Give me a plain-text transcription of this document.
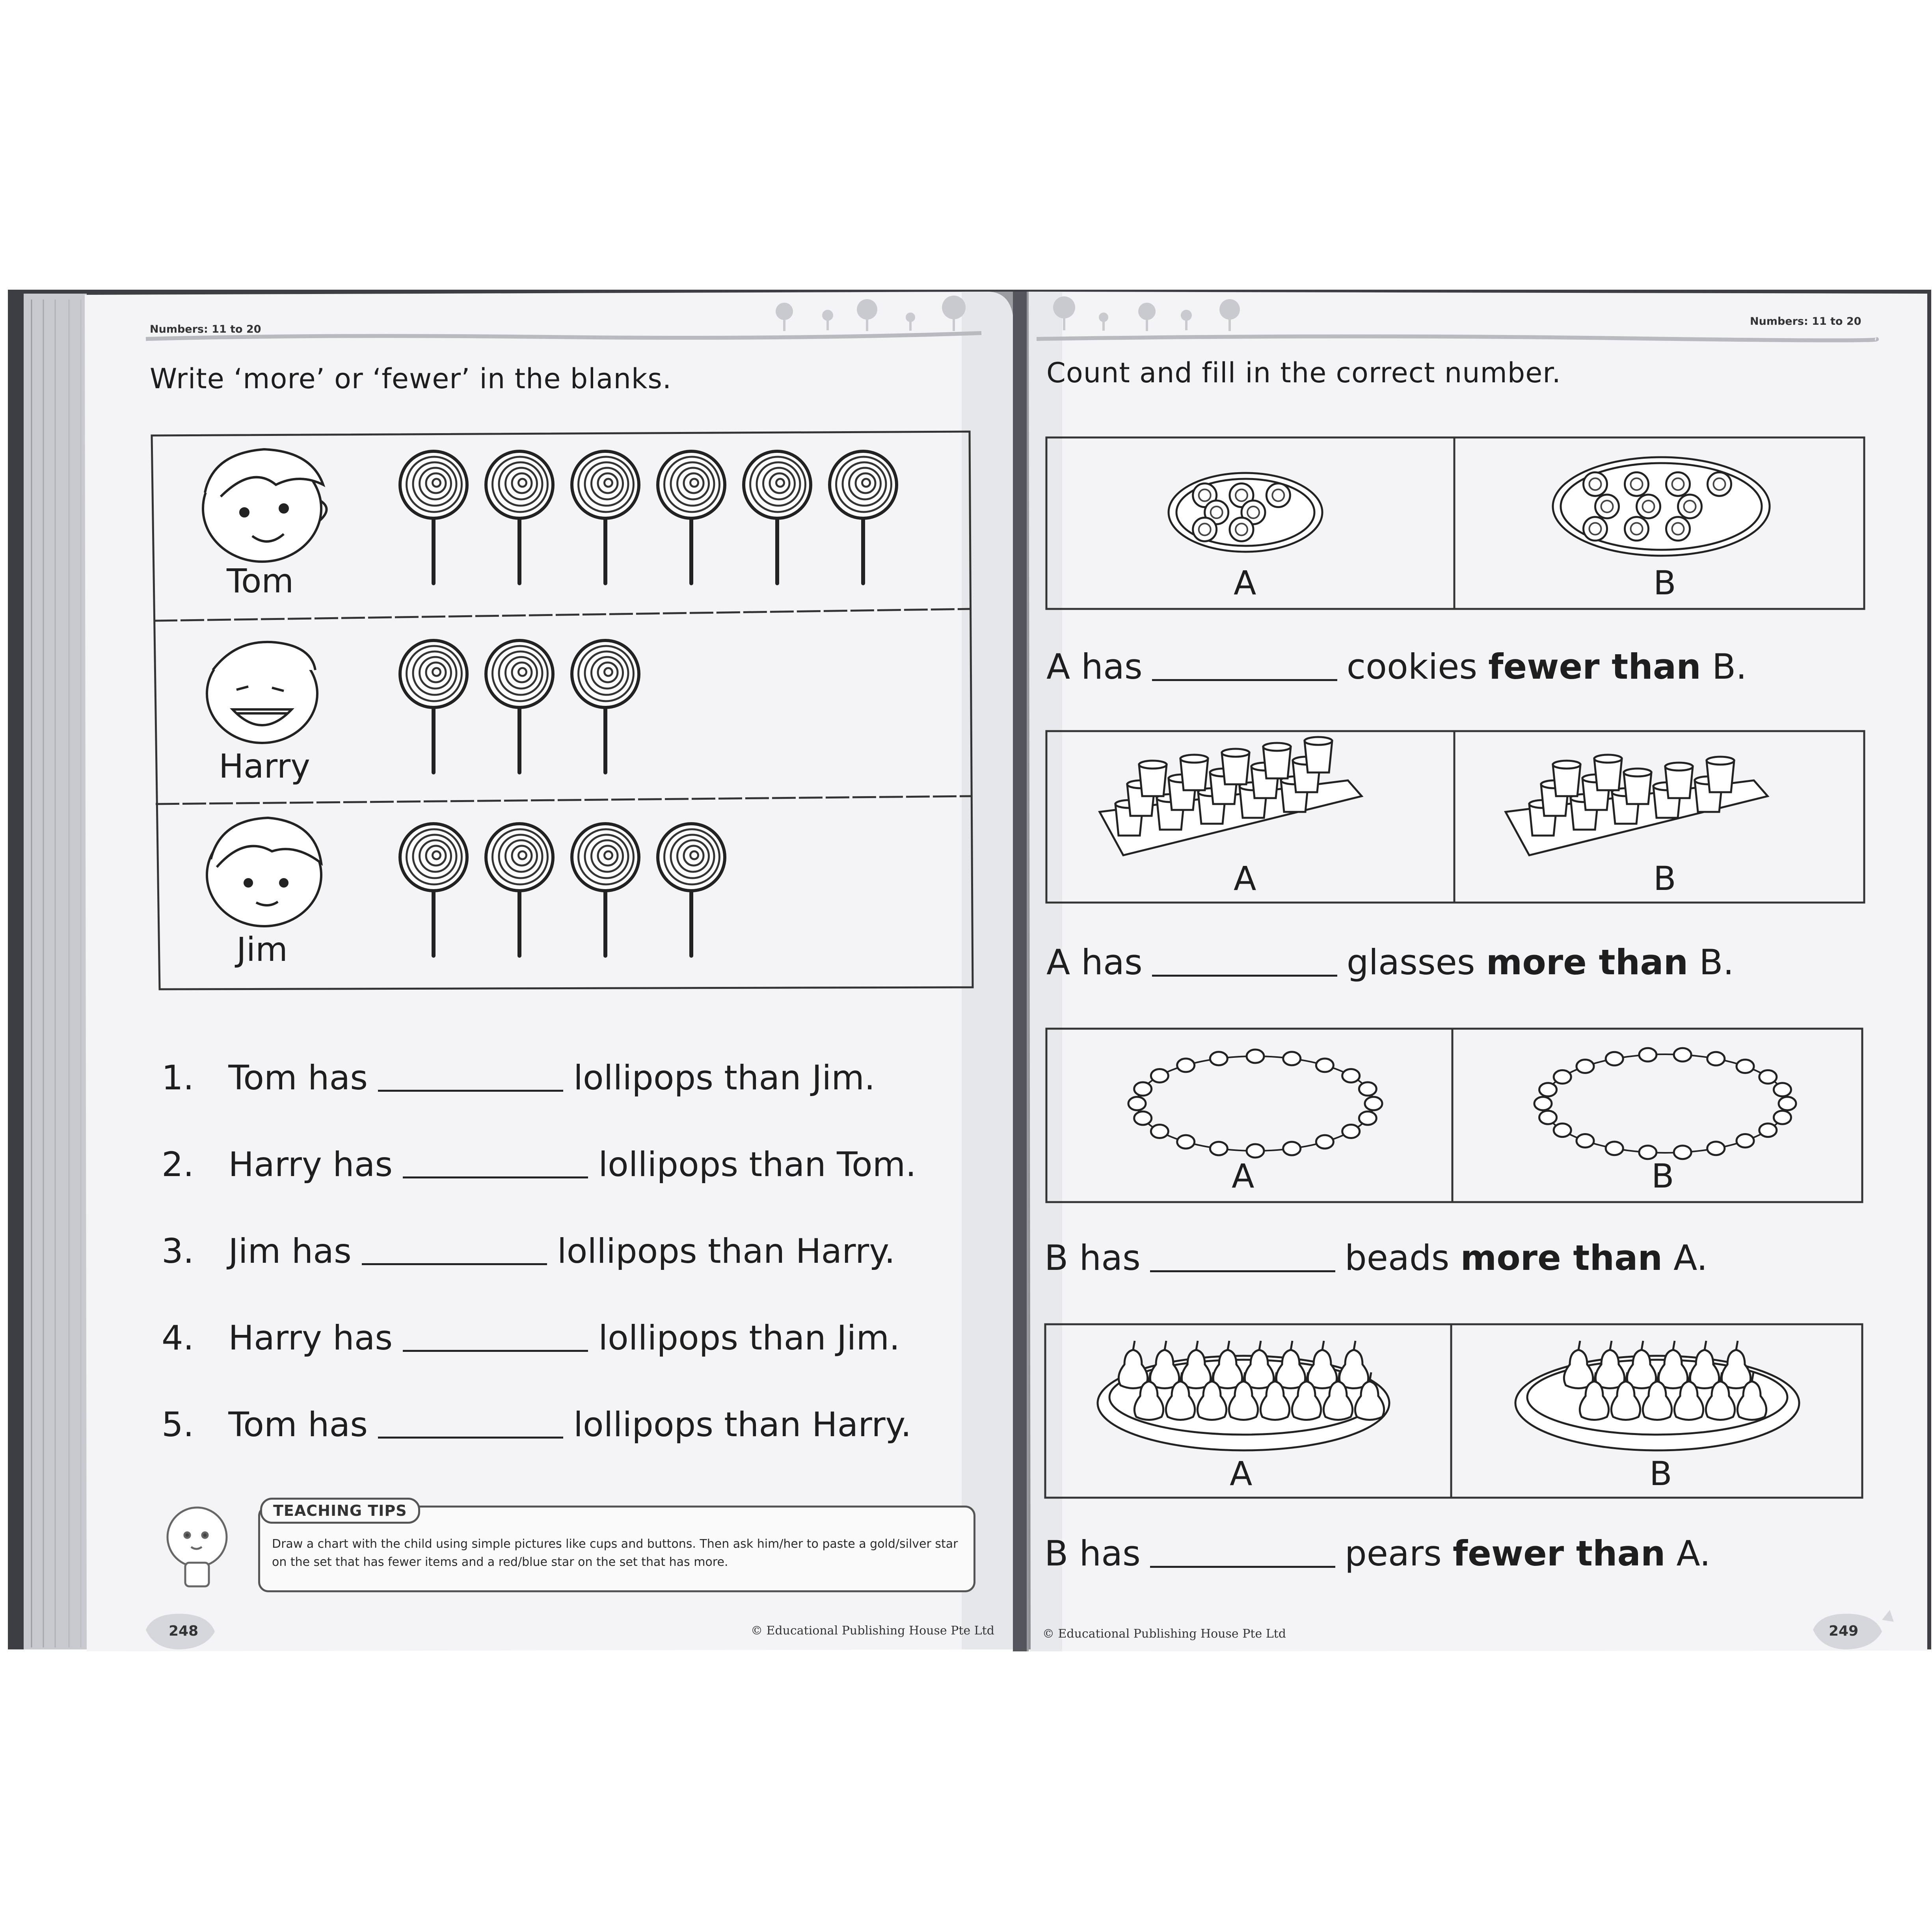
Numbers: 11 to 20
Write ‘more’ or ‘fewer’ in the blanks.
Tom
Harry
Jim
1. Tom has	lollipops than Jim.
2. Harry has	lollipops than Tom.
3. Jim has	lollipops than Harry.
4. Harry has	lollipops than Jim.
5. Tom has	lollipops than Harry.
TEACHING TIPS
Draw a chart with the child using simple pictures like cups and buttons. Then ask him/her to paste a gold/silver star on the set that has fewer items and a red/blue star on the set that has more.
248	© Educational Publishing House Pte Ltd
Numbers: 11 to 20
Count and fill in the correct number.
A	B
A	B
A	B
A	B
A has	cookies fewer than B.
A has	glasses more than B.
B has	beads more than A.
B has	pears fewer than A.
© Educational Publishing House Pte Ltd	249
